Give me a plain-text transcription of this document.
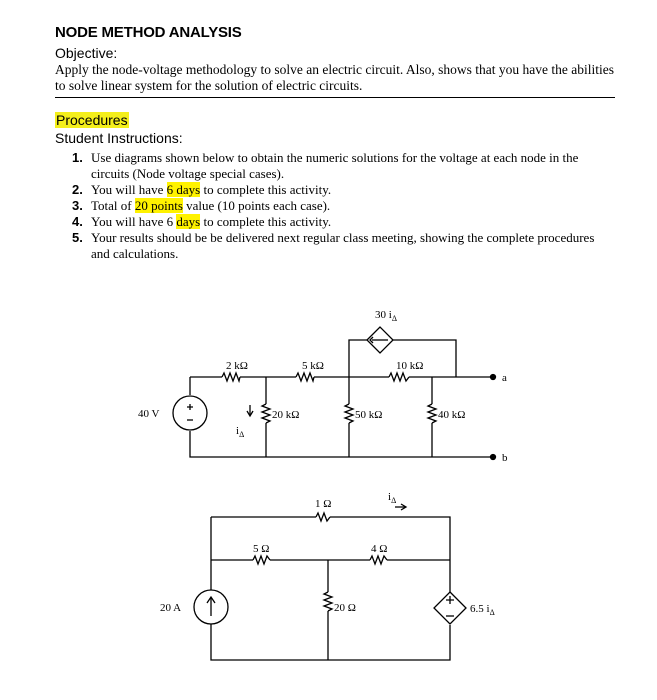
NODE METHOD ANALYSIS
Objective:
Apply the node-voltage methodology to solve an electric circuit. Also, shows that you have the abilities to solve linear system for the solution of electric circuits.
Procedures
Student Instructions:
1. Use diagrams shown below to obtain the numeric solutions for the voltage at each node in the circuits (Node voltage special cases).
2. You will have 6 days to complete this activity.
3. Total of 20 points value (10 points each case).
4. You will have 6 days to complete this activity.
5. Your results should be be delivered next regular class meeting, showing the complete procedures and calculations.
30 $i_\Delta$
2 kΩ	5 kΩ	10 kΩ
20 kΩ	50 kΩ	40 kΩ
40 V
$i_\Delta$
a
b
1 Ω
$i_\Delta$
5 Ω	4 Ω
20 A	20 Ω	6.5 $i_\Delta$
